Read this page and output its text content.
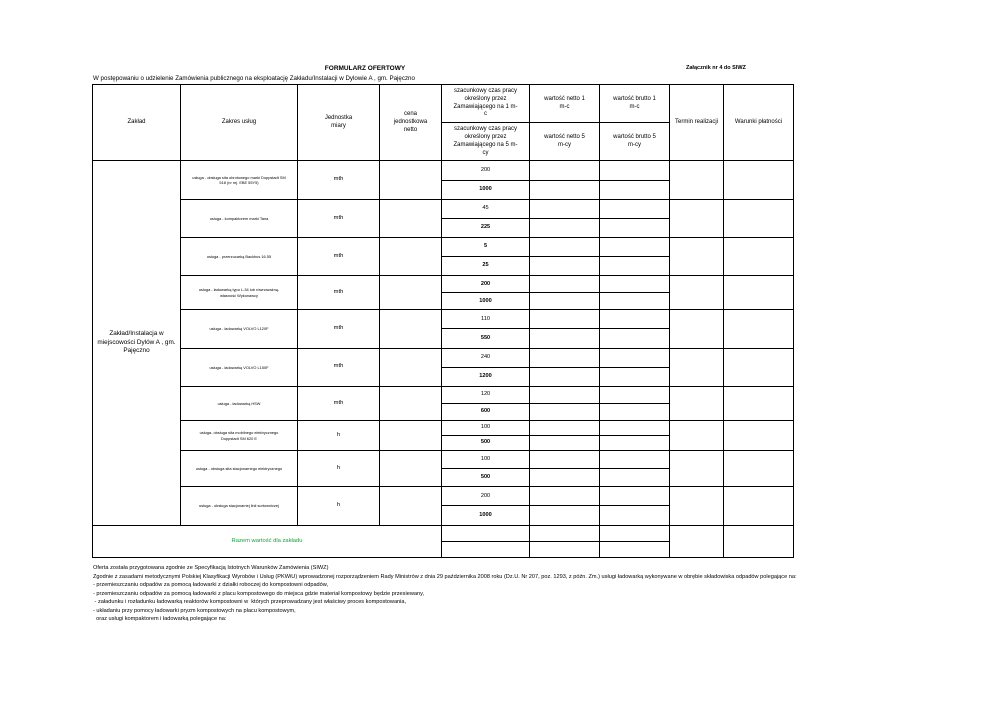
FORMULARZ OFERTOWY	Załącznik nr 4 do SIWZ
W postępowaniu o udzielenie Zamówienia publicznego na eksploatację Zakładu/Instalacji w Dylowie A , gm. Pajęczno
Zakład	Zakres usług	Jednostka miary	cena jednostkowa netto	szacunkowy czas pracy określony przez Zamawiającego na 1 m-c	wartość netto 1 m-c	wartość brutto 1 m-c	Termin realizacji	Warunki płatności
				szacunkowy czas pracy określony przez Zamawiającego na 5 m-cy	wartość netto 5 m-cy	wartość brutto 5 m-cy		
Zakład/Instalacja w miejscowości Dylów A , gm. Pajęczno	usługa - obsługa sita obrotowego marki Doppstadt SM 518 (nr rej. EBE 55Y5)	mth		200				
				1000				
	usługa - kompaktorem marki Tana	mth		45				
				225				
	usługa - przerzucarką Backhus 16.55	mth		5				
				25				
	usługa - ładowarką typu L-34 lub równoważną- własność Wykonawcy	mth		200				
				1000				
	usługa - ładowarką VOLVO L120F	mth		110				
				550				
	usługa - ładowarką VOLVO L150F	mth		240				
				1200				
	usługa - ładowarką HSW	mth		120				
				600				
	usługa- obsługa sita mobilnego elektrycznego Doppstadt SM 620 E	h		100				
				500				
	usługa - obsługa sita stacjonarnego elektrycznego	h		100				
				500				
	usługa - obsługa stacjonarnej linii sortowniczej	h		200				
				1000				
Razem wartość dla zakładu								

Oferta została przygotowana zgodnie ze Specyfikacją Istotnych Warunków Zamówienia (SIWZ)
Zgodnie z zasadami metodycznymi Polskiej Klasyfikacji Wyrobów i Usług (PKWiU) wprowadzonej rozporządzeniem Rady Ministrów z dnia 29 października 2008 roku (Dz.U. Nr 207, poz. 1293, z późn. Zm.) usługi ładowarką wykonywane w obrębie składowiska odpadów polegające na:
- przemieszczaniu odpadów za pomocą ładowarki z działki roboczej do kompostowni odpadów,
- przemieszczaniu odpadów za pomocą ładowarki z placu kompostowego do miejsca gdzie materiał kompostowy będzie przesiewany,
- załadunku i rozładunku ładowarką reaktorów kompostowni w  których przeprowadzany jest właściwy proces kompostowania,
- układaniu przy pomocy ładowarki pryzm kompostowych na placu kompostowym,
oraz usługi kompaktorem i ładowarką polegające na:
